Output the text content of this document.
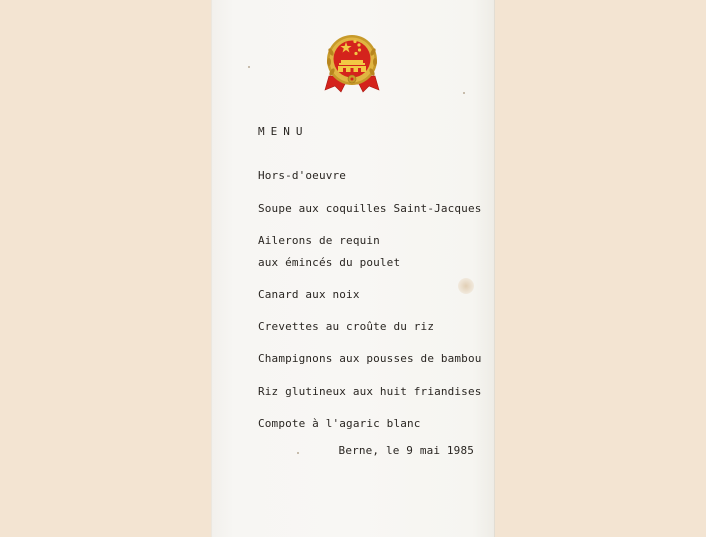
MENU
Hors-d'oeuvre
Soupe aux coquilles Saint-Jacques
Ailerons de requin
aux émincés du poulet
Canard aux noix
Crevettes au croûte du riz
Champignons aux pousses de bambou
Riz glutineux aux huit friandises
Compote à l'agaric blanc
Berne, le 9 mai 1985
